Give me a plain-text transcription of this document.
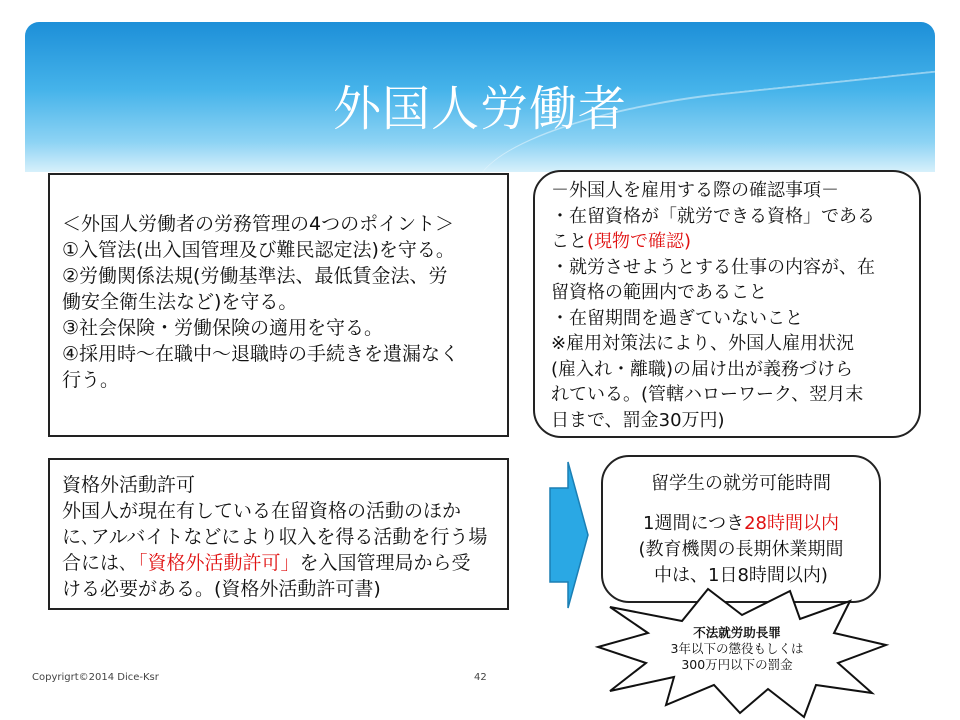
外国人労働者
＜外国人労働者の労務管理の4つのポイント＞
①入管法(出入国管理及び難民認定法)を守る。
②労働関係法規(労働基準法、最低賃金法、労
働安全衛生法など)を守る。
③社会保険・労働保険の適用を守る。
④採用時～在職中～退職時の手続きを遺漏なく
行う。
資格外活動許可
外国人が現在有している在留資格の活動のほか
に､アルバイトなどにより収入を得る活動を行う場
合には､「資格外活動許可」を入国管理局から受
ける必要がある。(資格外活動許可書)
－外国人を雇用する際の確認事項－
・在留資格が「就労できる資格」である
こと(現物で確認)
・就労させようとする仕事の内容が、在
留資格の範囲内であること
・在留期間を過ぎていないこと
※雇用対策法により、外国人雇用状況
(雇入れ・離職)の届け出が義務づけら
れている。(管轄ハローワーク、翌月末
日まで、罰金30万円)
留学生の就労可能時間
1週間につき28時間以内
(教育機関の長期休業期間
中は、1日8時間以内)
不法就労助長罪
3年以下の懲役もしくは
300万円以下の罰金
Copyrigrt©2014 Dice-Ksr	42
